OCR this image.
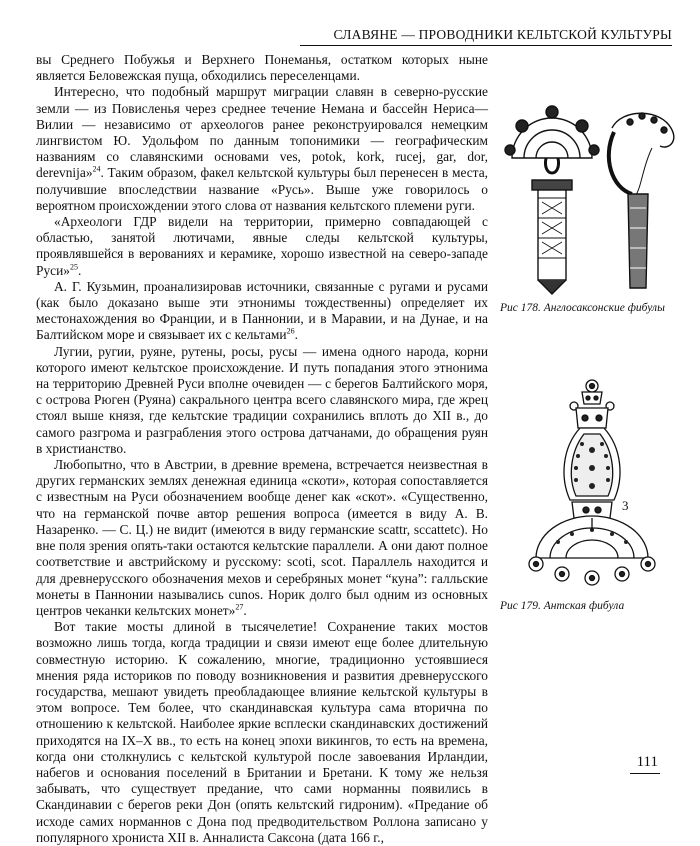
СЛАВЯНЕ — ПРОВОДНИКИ КЕЛЬТСКОЙ КУЛЬТУРЫ

вы Среднего Побужья и Верхнего Понеманья, остатком которых ныне является Беловежская пуща, обходились переселенцами.

Интересно, что подобный маршрут миграции славян в северно-русские земли — из Повисленья через среднее течение Немана и бассейн Нериса—Вилии — независимо от археологов ранее реконструировался немецким лингвистом Ю. Удольфом по данным топонимики — географическим названиям со славянскими основами ves, potok, kork, rucej, gar, dor, derevnija»$^{24}$. Таким образом, факел кельтской культуры был перенесен в места, получившие впоследствии название «Русь». Выше уже говорилось о вероятном происхождении этого слова от названия кельтского племени руги.

«Археологи ГДР видели на территории, примерно совпадающей с областью, занятой лютичами, явные следы кельтской культуры, проявлявшейся в верованиях и керамике, хорошо известной на северо-западе Руси»$^{25}$.

А. Г. Кузьмин, проанализировав источники, связанные с ругами и русами (как было доказано выше эти этнонимы тождественны) определяет их местонахождения во Франции, и в Паннонии, и в Маравии, и на Дунае, и на Балтийском море и связывает их с кельтами$^{26}$.

Лугии, ругии, руяне, рутены, росы, русы — имена одного народа, корни которого имеют кельтское происхождение. И путь попадания этого этнонима на территорию Древней Руси вполне очевиден — с берегов Балтийского моря, с острова Рюген (Руяна) сакрального центра всего славянского мира, где жрец стоял выше князя, где кельтские традиции сохранились вплоть до XII в., до самого разгрома и разграбления этого острова датчанами, до обращения руян в христианство.

Любопытно, что в Австрии, в древние времена, встречается неизвестная в других германских землях денежная единица «скоти», которая сопоставляется с известным на Руси обозначением вообще денег как «скот». «Существенно, что на германской почве автор решения вопроса (имеется в виду А. В. Назаренко. — С. Ц.) не видит (имеются в виду германские scattr, sccattetc). Но вне поля зрения опять-таки остаются кельтские параллели. А они дают полное соответствие и австрийскому и русскому: scoti, scot. Параллель находится и для древнерусского обозначения мехов и серебряных монет “куна”: галльские монеты в Паннонии назывались cunos. Норик долго был одним из основных центров чеканки кельтских монет»$^{27}$.

Вот такие мосты длиной в тысячелетие! Сохранение таких мостов возможно лишь тогда, когда традиции и связи имеют еще более длительную совместную историю. К сожалению, многие, традиционно устоявшиеся мнения ряда историков по поводу возникновения и развития древнерусского государства, мешают увидеть преобладающее влияние кельтской культуры в этом вопросе. Тем более, что скандинавская культура сама вторична по отношению к кельтской. Наиболее яркие всплески скандинавских достижений приходятся на IX–X вв., то есть на конец эпохи викингов, то есть на времена, когда они столкнулись с кельтской культурой после завоевания Ирландии, набегов и основания поселений в Британии и Бретани. К тому же нельзя забывать, что существует предание, что сами норманны появились в Скандинавии с берегов реки Дон (опять кельтский гидроним). «Предание об исходе самих норманнов с Дона под предводительством Роллона записано у популярного хрониста XII в. Анналиста Саксона (дата 166 г.,

Рис 178. Англосаксонские фибулы
3
Рис 179. Антская фибула
111
